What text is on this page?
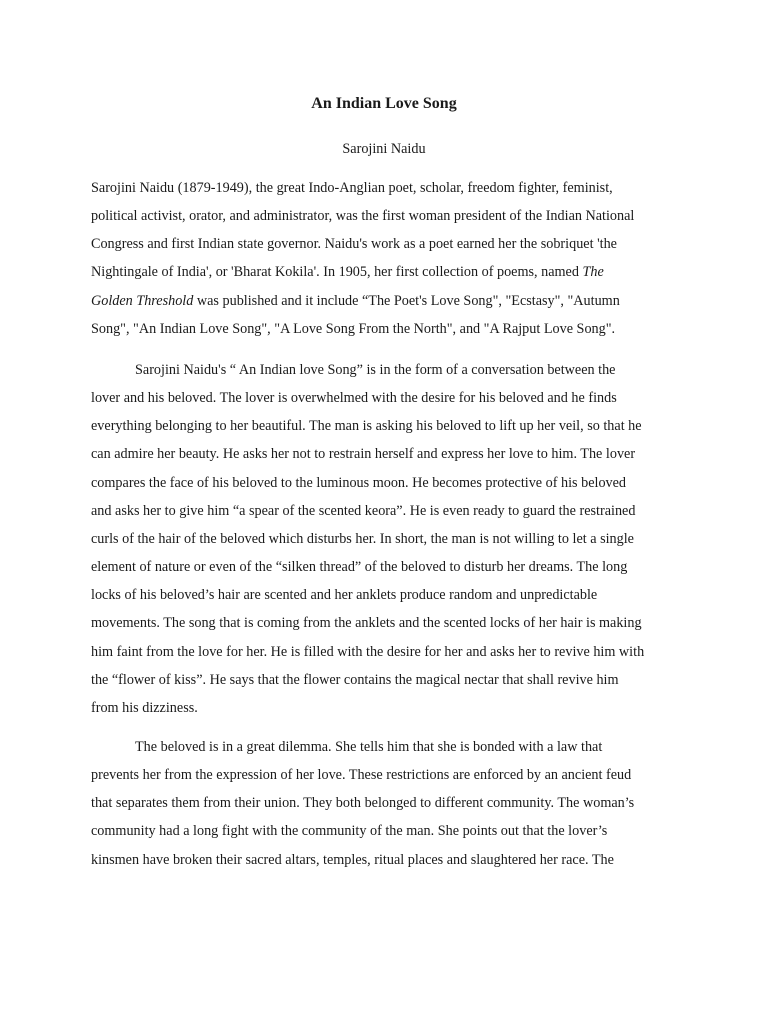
An Indian Love Song

Sarojini Naidu

Sarojini Naidu (1879-1949), the great Indo-Anglian poet, scholar, freedom fighter, feminist,
political activist, orator, and administrator, was the first woman president of the Indian National
Congress and first Indian state governor. Naidu's work as a poet earned her the sobriquet 'the
Nightingale of India', or 'Bharat Kokila'. In 1905, her first collection of poems, named The
Golden Threshold was published and it include “The Poet's Love Song", "Ecstasy", "Autumn
Song", "An Indian Love Song", "A Love Song From the North", and "A Rajput Love Song".
Sarojini Naidu's “ An Indian love Song” is in the form of a conversation between the
lover and his beloved. The lover is overwhelmed with the desire for his beloved and he finds
everything belonging to her beautiful. The man is asking his beloved to lift up her veil, so that he
can admire her beauty. He asks her not to restrain herself and express her love to him. The lover
compares the face of his beloved to the luminous moon. He becomes protective of his beloved
and asks her to give him “a spear of the scented keora”. He is even ready to guard the restrained
curls of the hair of the beloved which disturbs her. In short, the man is not willing to let a single
element of nature or even of the “silken thread” of the beloved to disturb her dreams. The long
locks of his beloved’s hair are scented and her anklets produce random and unpredictable
movements. The song that is coming from the anklets and the scented locks of her hair is making
him faint from the love for her. He is filled with the desire for her and asks her to revive him with
the “flower of kiss”. He says that the flower contains the magical nectar that shall revive him
from his dizziness.
The beloved is in a great dilemma. She tells him that she is bonded with a law that
prevents her from the expression of her love. These restrictions are enforced by an ancient feud
that separates them from their union. They both belonged to different community. The woman’s
community had a long fight with the community of the man. She points out that the lover’s
kinsmen have broken their sacred altars, temples, ritual places and slaughtered her race. The
